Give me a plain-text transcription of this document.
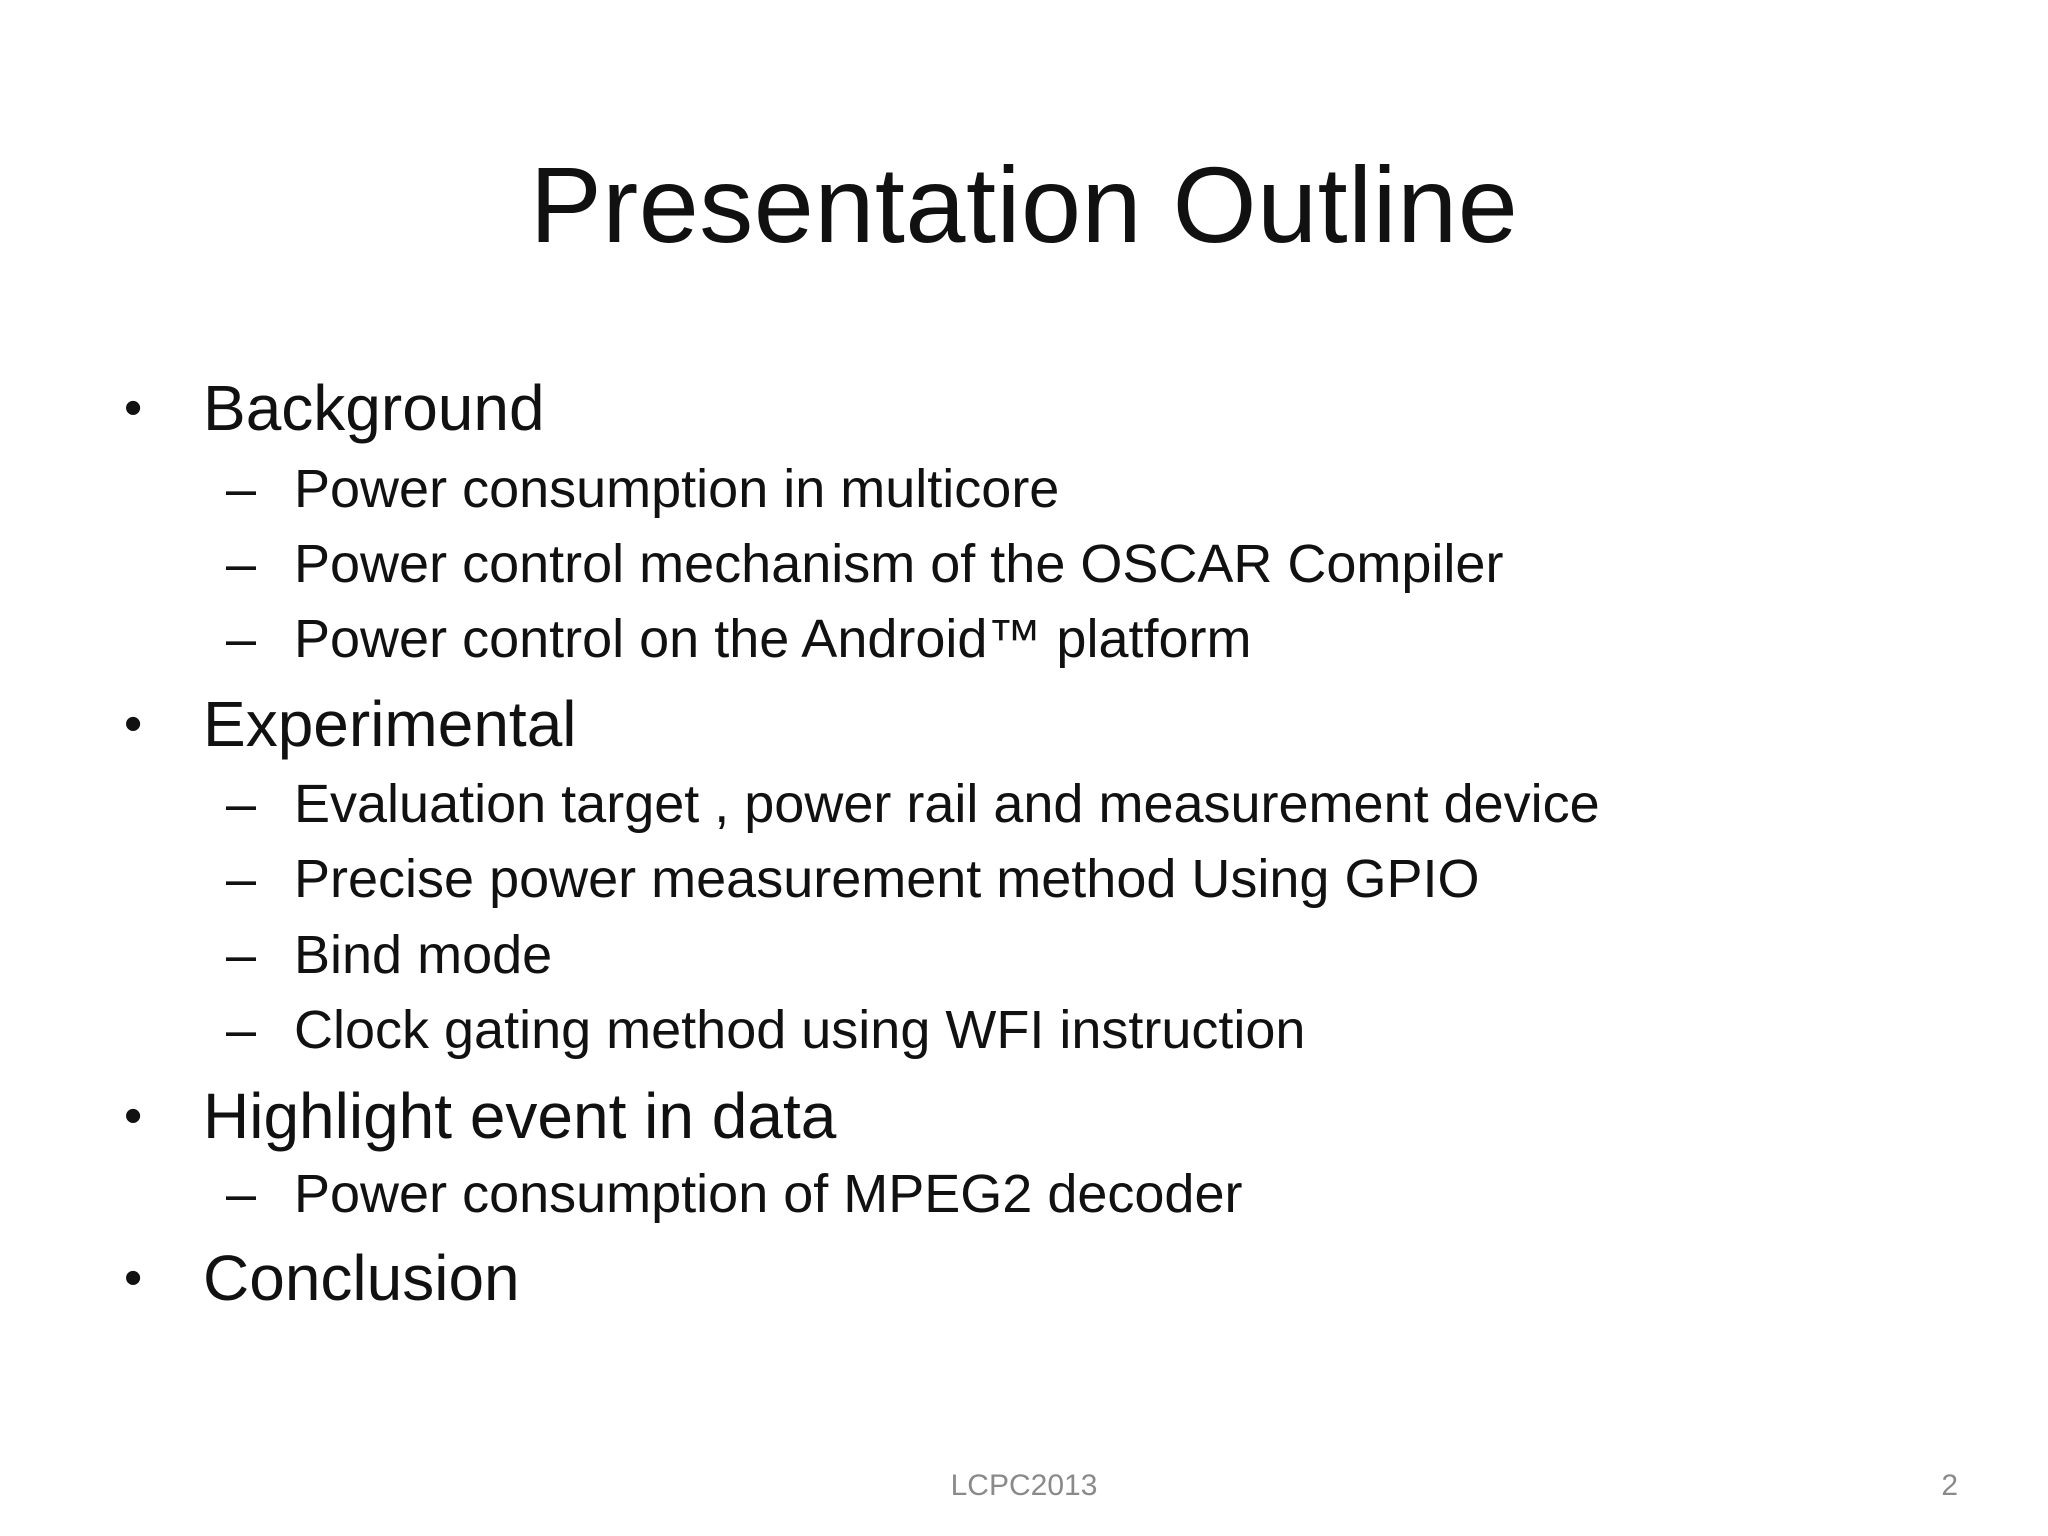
Presentation Outline
• Background
– Power consumption in multicore
– Power control mechanism of the OSCAR Compiler
– Power control on the Android™ platform
• Experimental
– Evaluation target , power rail and measurement device
– Precise power measurement method Using GPIO
– Bind mode
– Clock gating method using WFI instruction
• Highlight event in data
– Power consumption of MPEG2 decoder
• Conclusion
LCPC2013	2
